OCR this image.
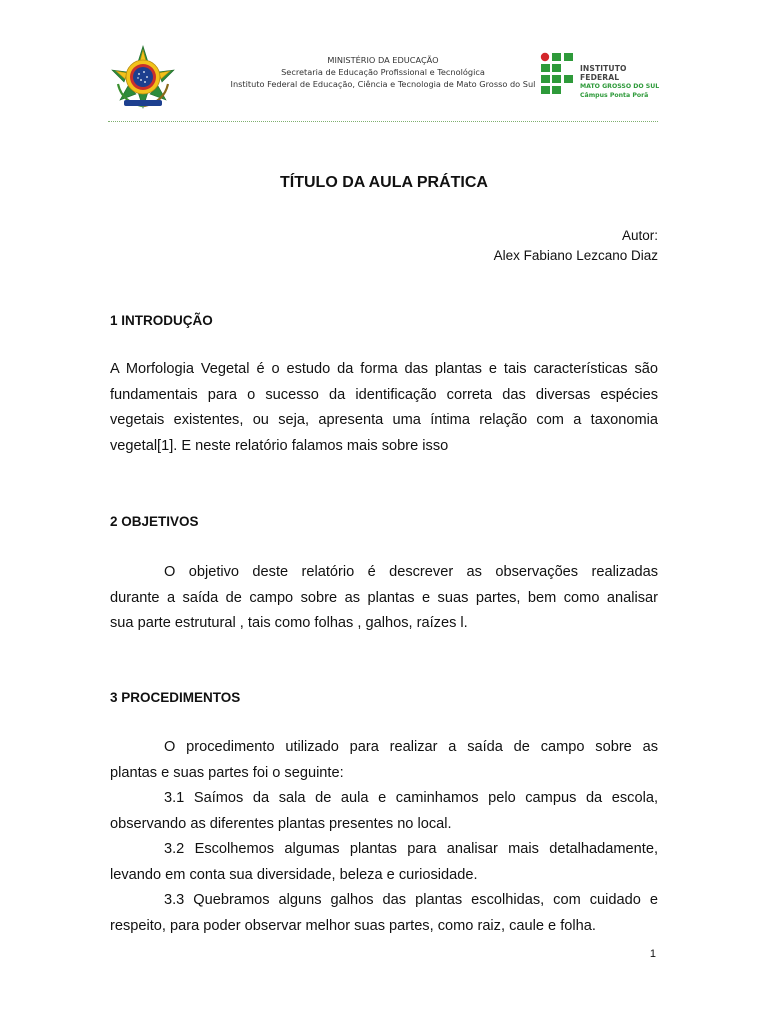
MINISTÉRIO DA EDUCAÇÃO
Secretaria de Educação Profissional e Tecnológica
Instituto Federal de Educação, Ciência e Tecnologia de Mato Grosso do Sul
INSTITUTO FEDERAL
MATO GROSSO DO SUL
Câmpus Ponta Porã
TÍTULO DA AULA PRÁTICA
Autor:
Alex Fabiano Lezcano Diaz
1 INTRODUÇÃO
A Morfologia Vegetal é o estudo da forma das plantas e tais características são
fundamentais para o sucesso da identificação correta das diversas espécies
vegetais existentes, ou seja, apresenta uma íntima relação com a taxonomia
vegetal[1]. E neste relatório falamos mais sobre isso
2 OBJETIVOS
O objetivo deste relatório é descrever as observações realizadas
durante a saída de campo sobre as plantas e suas partes, bem como analisar
sua parte estrutural , tais como folhas , galhos, raízes l.
3 PROCEDIMENTOS
O procedimento utilizado para realizar a saída de campo sobre as
plantas e suas partes foi o seguinte:
3.1 Saímos da sala de aula e caminhamos pelo campus da escola,
observando as diferentes plantas presentes no local.
3.2 Escolhemos algumas plantas para analisar mais detalhadamente,
levando em conta sua diversidade, beleza e curiosidade.
3.3 Quebramos alguns galhos das plantas escolhidas, com cuidado e
respeito, para poder observar melhor suas partes, como raiz, caule e folha.
1
